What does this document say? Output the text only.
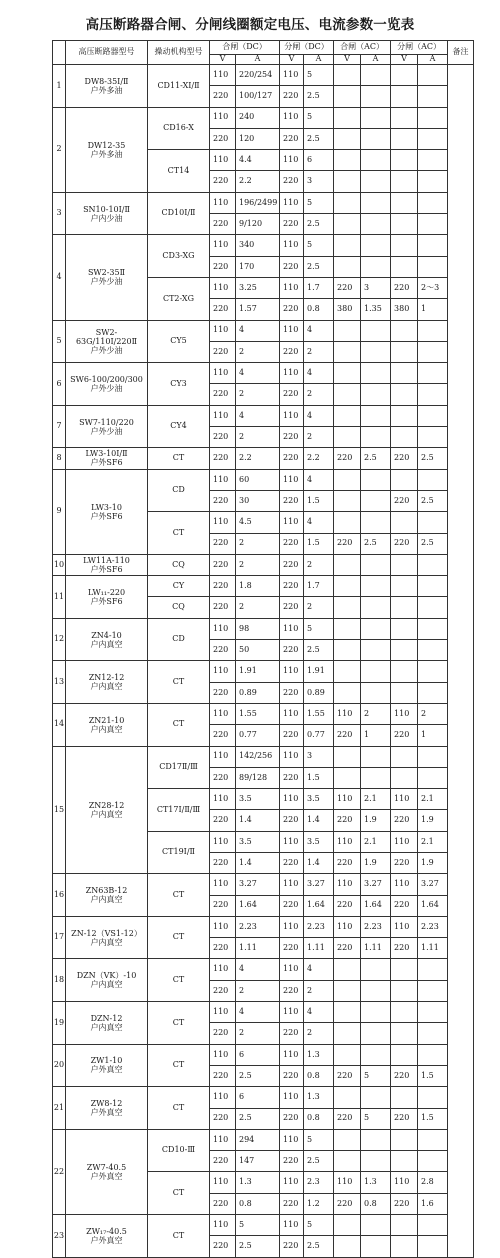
高压断路器合闸、分闸线圈额定电压、电流参数一览表
	高压断路器型号	操动机构型号	合闸（DC）		分闸（DC）		合闸（AC）		分闸（AC）		备注
			V	A	V	A	V	A	V	A	
1	DW8-35Ⅰ/Ⅱ
户外多油	CD11-XⅠ/Ⅱ	110	220/254	110	5					
			220	100/127	220	2.5					
2	DW12-35
户外多油	CD16-X	110	240	110	5					
			220	120	220	2.5					
		CT14	110	4.4	110	6					
			220	2.2	220	3					
3	SN10-10Ⅰ/Ⅱ
户内少油	CD10Ⅰ/Ⅱ	110	196/2499	110	5					
			220	9/120	220	2.5					
4	SW2-35Ⅱ
户外少油	CD3-XG	110	340	110	5					
			220	170	220	2.5					
		CT2-XG	110	3.25	110	1.7	220	3	220	2～3	
			220	1.57	220	0.8	380	1.35	380	1	
5	SW2-63G/110Ⅰ/220Ⅱ
户外少油	CY5	110	4	110	4					
			220	2	220	2					
6	SW6-100/200/300
户外少油	CY3	110	4	110	4					
			220	2	220	2					
7	SW7-110/220
户外少油	CY4	110	4	110	4					
			220	2	220	2					
8	LW3-10Ⅰ/Ⅱ
户外SF6	CT	220	2.2	220	2.2	220	2.5	220	2.5	
9	LW3-10
户外SF6	CD	110	60	110	4					
			220	30	220	1.5			220	2.5	
		CT	110	4.5	110	4					
			220	2	220	1.5	220	2.5	220	2.5	
10	LW11A-110
户外SF6	CQ	220	2	220	2					
11	LW₁₁-220
户外SF6	CY	220	1.8	220	1.7					
		CQ	220	2	220	2					
12	ZN4-10
户内真空	CD	110	98	110	5					
			220	50	220	2.5					
13	ZN12-12
户内真空	CT	110	1.91	110	1.91					
			220	0.89	220	0.89					
14	ZN21-10
户内真空	CT	110	1.55	110	1.55	110	2	110	2	
			220	0.77	220	0.77	220	1	220	1	
15	ZN28-12
户内真空	CD17Ⅱ/Ⅲ	110	142/256	110	3					
			220	89/128	220	1.5					
		CT17Ⅰ/Ⅱ/Ⅲ	110	3.5	110	3.5	110	2.1	110	2.1	
			220	1.4	220	1.4	220	1.9	220	1.9	
		CT19Ⅰ/Ⅱ	110	3.5	110	3.5	110	2.1	110	2.1	
			220	1.4	220	1.4	220	1.9	220	1.9	
16	ZN63B-12
户内真空	CT	110	3.27	110	3.27	110	3.27	110	3.27	
			220	1.64	220	1.64	220	1.64	220	1.64	
17	ZN-12（VS1-12）
户内真空	CT	110	2.23	110	2.23	110	2.23	110	2.23	
			220	1.11	220	1.11	220	1.11	220	1.11	
18	DZN（VK）-10
户内真空	CT	110	4	110	4					
			220	2	220	2					
19	DZN-12
户内真空	CT	110	4	110	4					
			220	2	220	2					
20	ZW1-10
户外真空	CT	110	6	110	1.3					
			220	2.5	220	0.8	220	5	220	1.5	
21	ZW8-12
户外真空	CT	110	6	110	1.3					
			220	2.5	220	0.8	220	5	220	1.5	
22	ZW7-40.5
户外真空	CD10-Ⅲ	110	294	110	5					
			220	147	220	2.5					
		CT	110	1.3	110	2.3	110	1.3	110	2.8	
			220	0.8	220	1.2	220	0.8	220	1.6	
23	ZW₁₇-40.5
户外真空	CT	110	5	110	5					
			220	2.5	220	2.5					
